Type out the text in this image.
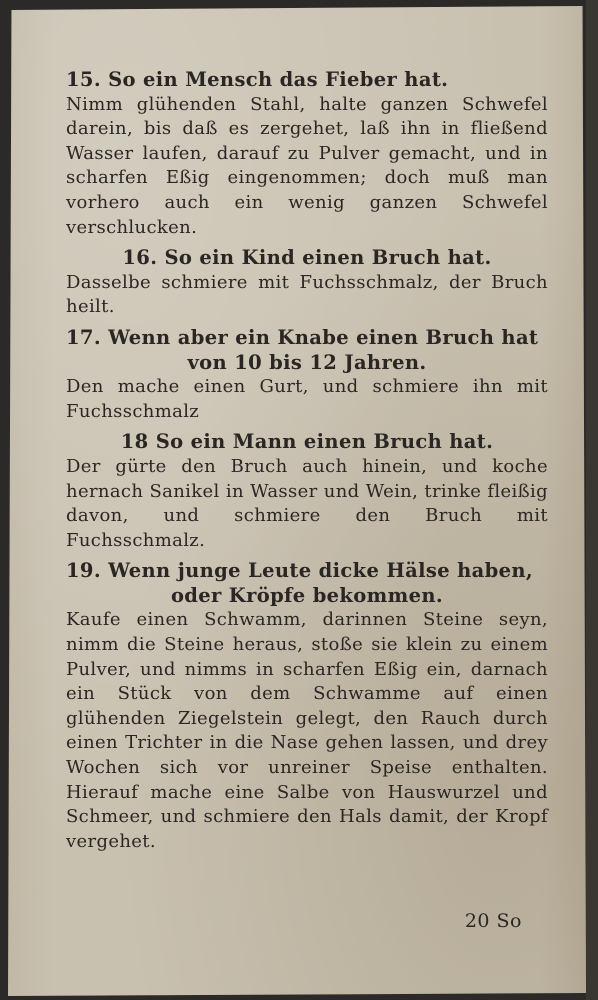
15. So ein Mensch das Fieber hat.

Nimm glühenden Stahl, halte ganzen Schwefel darein, bis daß es zergehet, laß ihn in fließend Wasser laufen, darauf zu Pulver gemacht, und in scharfen Eßig eingenommen; doch muß man vorhero auch ein wenig ganzen Schwefel verschlucken.

16. So ein Kind einen Bruch hat.

Dasselbe schmiere mit Fuchsschmalz, der Bruch heilt.

17. Wenn aber ein Knabe einen Bruch hat

von 10 bis 12 Jahren.

Den mache einen Gurt, und schmiere ihn mit Fuchsschmalz

18 So ein Mann einen Bruch hat.

Der gürte den Bruch auch hinein, und koche hernach Sanikel in Wasser und Wein, trinke fleißig davon, und schmiere den Bruch mit Fuchsschmalz.

19. Wenn junge Leute dicke Hälse haben,

oder Kröpfe bekommen.

Kaufe einen Schwamm, darinnen Steine seyn, nimm die Steine heraus, stoße sie klein zu einem Pulver, und nimms in scharfen Eßig ein, darnach ein Stück von dem Schwamme auf einen glühenden Ziegelstein gelegt, den Rauch durch einen Trichter in die Nase gehen lassen, und drey Wochen sich vor unreiner Speise enthalten. Hierauf mache eine Salbe von Hauswurzel und Schmeer, und schmiere den Hals damit, der Kropf vergehet.

20 So
